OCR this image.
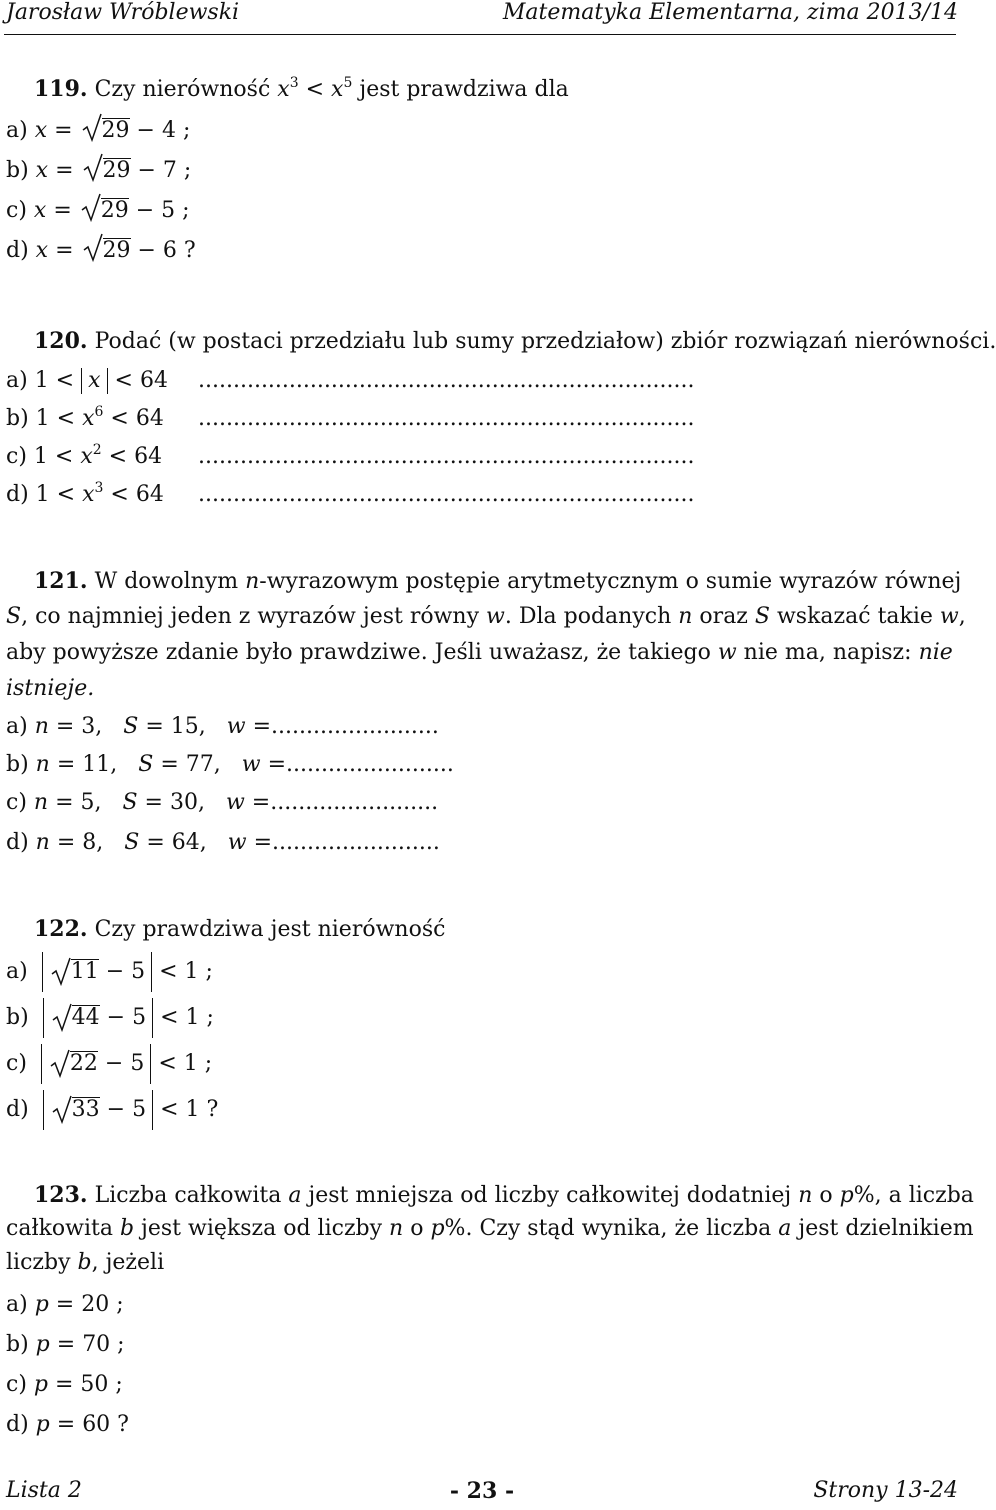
Jarosław Wróblewski	Matematyka Elementarna, zima 2013/14
119. Czy nierówność $x^3 < x^5$ jest prawdziwa dla
a) x =
29 − 4 ;
b) x =
29 − 7 ;
c) x =
29 − 5 ;
d) x =
29 − 6 ?
120. Podać (w postaci przedziału lub sumy przedziałow) zbiór rozwiązań nierówności.
a) 1 < x < 64 .......................................................................
b) $1 < x^6 < 64$ .......................................................................
c) $1 < x^2 < 64$ .......................................................................
d) $1 < x^3 < 64$ .......................................................................
121. W dowolnym n-wyrazowym postępie arytmetycznym o sumie wyrazów równej
S, co najmniej jeden z wyrazów jest równy w. Dla podanych n oraz S wskazać takie w,
aby powyższe zdanie było prawdziwe. Jeśli uważasz, że takiego w nie ma, napisz: nie
istnieje.
a) n = 3,   S = 15,   w =........................
b) n = 11,   S = 77,   w =........................
c) n = 5,   S = 30,   w =........................
d) n = 8,   S = 64,   w =........................
122. Czy prawdziwa jest nierówność
a) 11 − 5 < 1 ;
b) 44 − 5 < 1 ;
c) 22 − 5 < 1 ;
d) 33 − 5 < 1 ?
123. Liczba całkowita a jest mniejsza od liczby całkowitej dodatniej n o p%, a liczba
całkowita b jest większa od liczby n o p%. Czy stąd wynika, że liczba a jest dzielnikiem
liczby b, jeżeli
a) p = 20 ;
b) p = 70 ;
c) p = 50 ;
d) p = 60 ?
Lista 2	- 23 -	Strony 13-24
